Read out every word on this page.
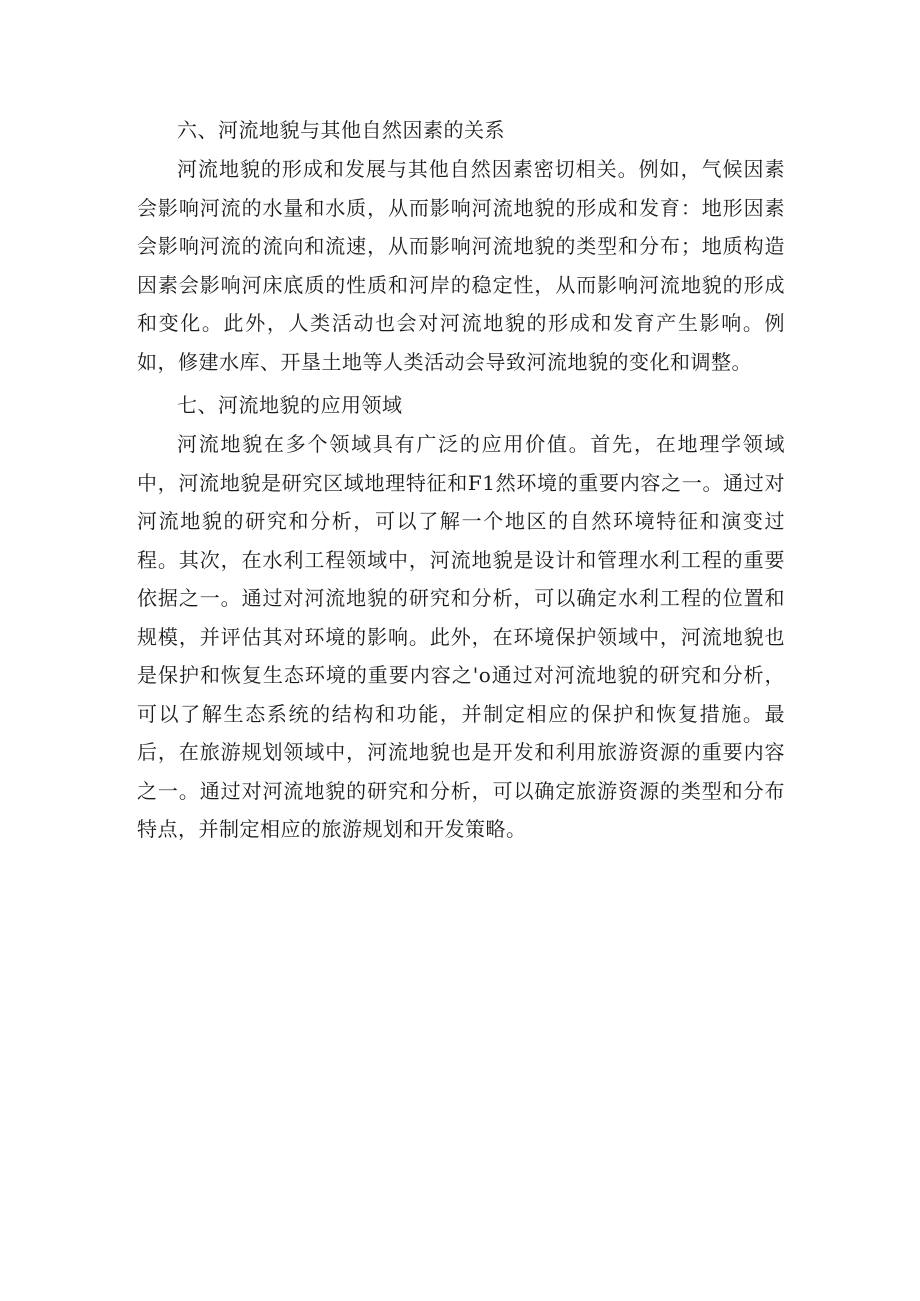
六、河流地貌与其他自然因素的关系

河流地貌的形成和发展与其他自然因素密切相关。例如，气候因素会影响河流的水量和水质，从而影响河流地貌的形成和发育：地形因素会影响河流的流向和流速，从而影响河流地貌的类型和分布；地质构造因素会影响河床底质的性质和河岸的稳定性，从而影响河流地貌的形成和变化。此外，人类活动也会对河流地貌的形成和发育产生影响。例如，修建水库、开垦土地等人类活动会导致河流地貌的变化和调整。

七、河流地貌的应用领域

河流地貌在多个领域具有广泛的应用价值。首先，在地理学领域中，河流地貌是研究区域地理特征和F1然环境的重要内容之一。通过对河流地貌的研究和分析，可以了解一个地区的自然环境特征和演变过程。其次，在水利工程领域中，河流地貌是设计和管理水利工程的重要依据之一。通过对河流地貌的研究和分析，可以确定水利工程的位置和规模，并评估其对环境的影响。此外，在环境保护领域中，河流地貌也是保护和恢复生态环境的重要内容之'o通过对河流地貌的研究和分析，可以了解生态系统的结构和功能，并制定相应的保护和恢复措施。最后，在旅游规划领域中，河流地貌也是开发和利用旅游资源的重要内容之一。通过对河流地貌的研究和分析，可以确定旅游资源的类型和分布特点，并制定相应的旅游规划和开发策略。
